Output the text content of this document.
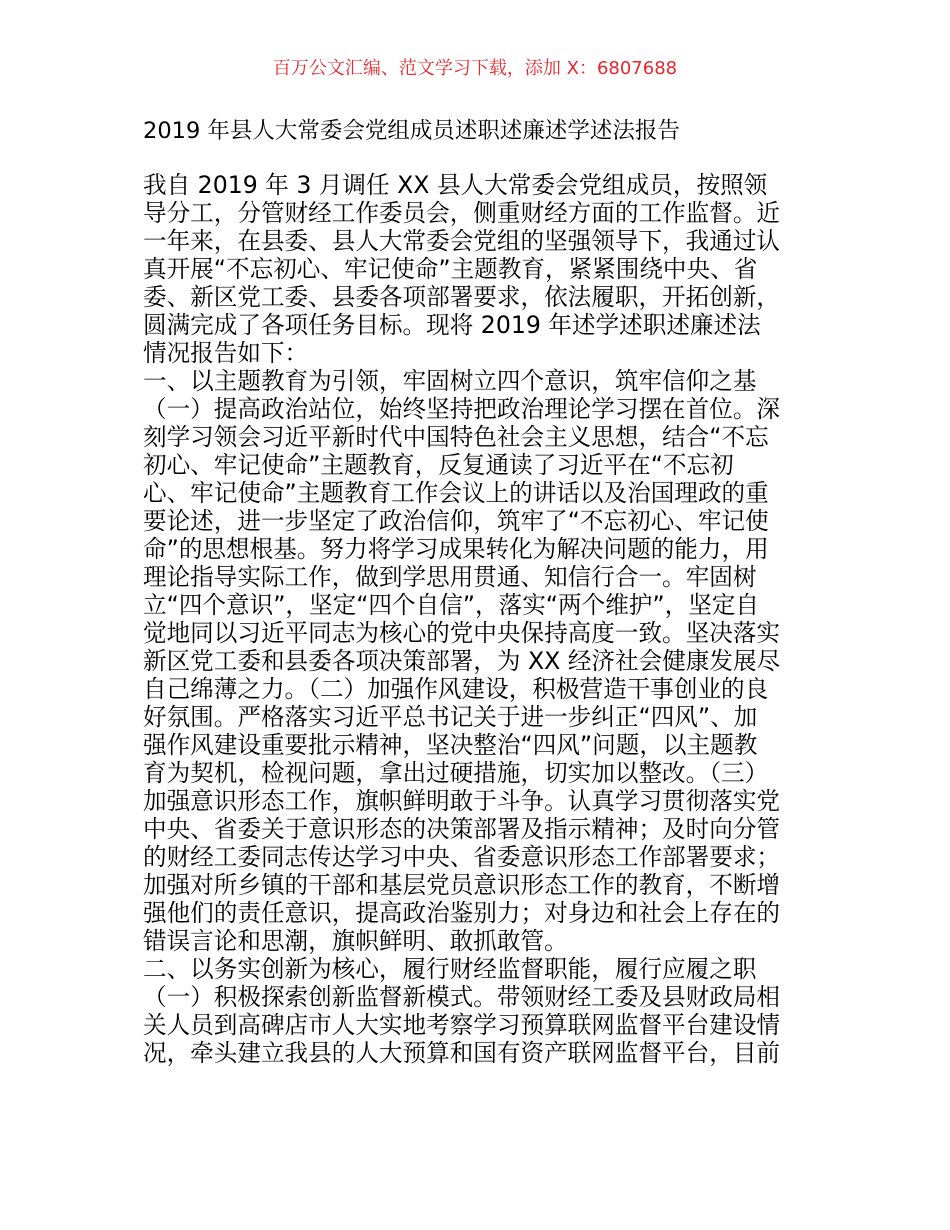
百万公文汇编、范文学习下载，添加 X：6807688
2019 年县人大常委会党组成员述职述廉述学述法报告
我自 2019 年 3 月调任 XX 县人大常委会党组成员，按照领
导分工，分管财经工作委员会，侧重财经方面的工作监督。近
一年来，在县委、县人大常委会党组的坚强领导下，我通过认
真开展“不忘初心、牢记使命”主题教育，紧紧围绕中央、省
委、新区党工委、县委各项部署要求，依法履职，开拓创新，
圆满完成了各项任务目标。现将 2019 年述学述职述廉述法
情况报告如下：
一、以主题教育为引领，牢固树立四个意识，筑牢信仰之基
（一）提高政治站位，始终坚持把政治理论学习摆在首位。深
刻学习领会习近平新时代中国特色社会主义思想，结合“不忘
初心、牢记使命”主题教育，反复通读了习近平在“不忘初
心、牢记使命”主题教育工作会议上的讲话以及治国理政的重
要论述，进一步坚定了政治信仰，筑牢了“不忘初心、牢记使
命”的思想根基。努力将学习成果转化为解决问题的能力，用
理论指导实际工作，做到学思用贯通、知信行合一。牢固树
立“四个意识”，坚定“四个自信”，落实“两个维护”，坚定自
觉地同以习近平同志为核心的党中央保持高度一致。坚决落实
新区党工委和县委各项决策部署，为 XX 经济社会健康发展尽
自己绵薄之力。（二）加强作风建设，积极营造干事创业的良
好氛围。严格落实习近平总书记关于进一步纠正“四风”、加
强作风建设重要批示精神，坚决整治“四风”问题，以主题教
育为契机，检视问题，拿出过硬措施，切实加以整改。（三）
加强意识形态工作，旗帜鲜明敢于斗争。认真学习贯彻落实党
中央、省委关于意识形态的决策部署及指示精神；及时向分管
的财经工委同志传达学习中央、省委意识形态工作部署要求；
加强对所乡镇的干部和基层党员意识形态工作的教育，不断增
强他们的责任意识，提高政治鉴别力；对身边和社会上存在的
错误言论和思潮，旗帜鲜明、敢抓敢管。
二、以务实创新为核心，履行财经监督职能，履行应履之职
（一）积极探索创新监督新模式。带领财经工委及县财政局相
关人员到高碑店市人大实地考察学习预算联网监督平台建设情
况，牵头建立我县的人大预算和国有资产联网监督平台，目前
